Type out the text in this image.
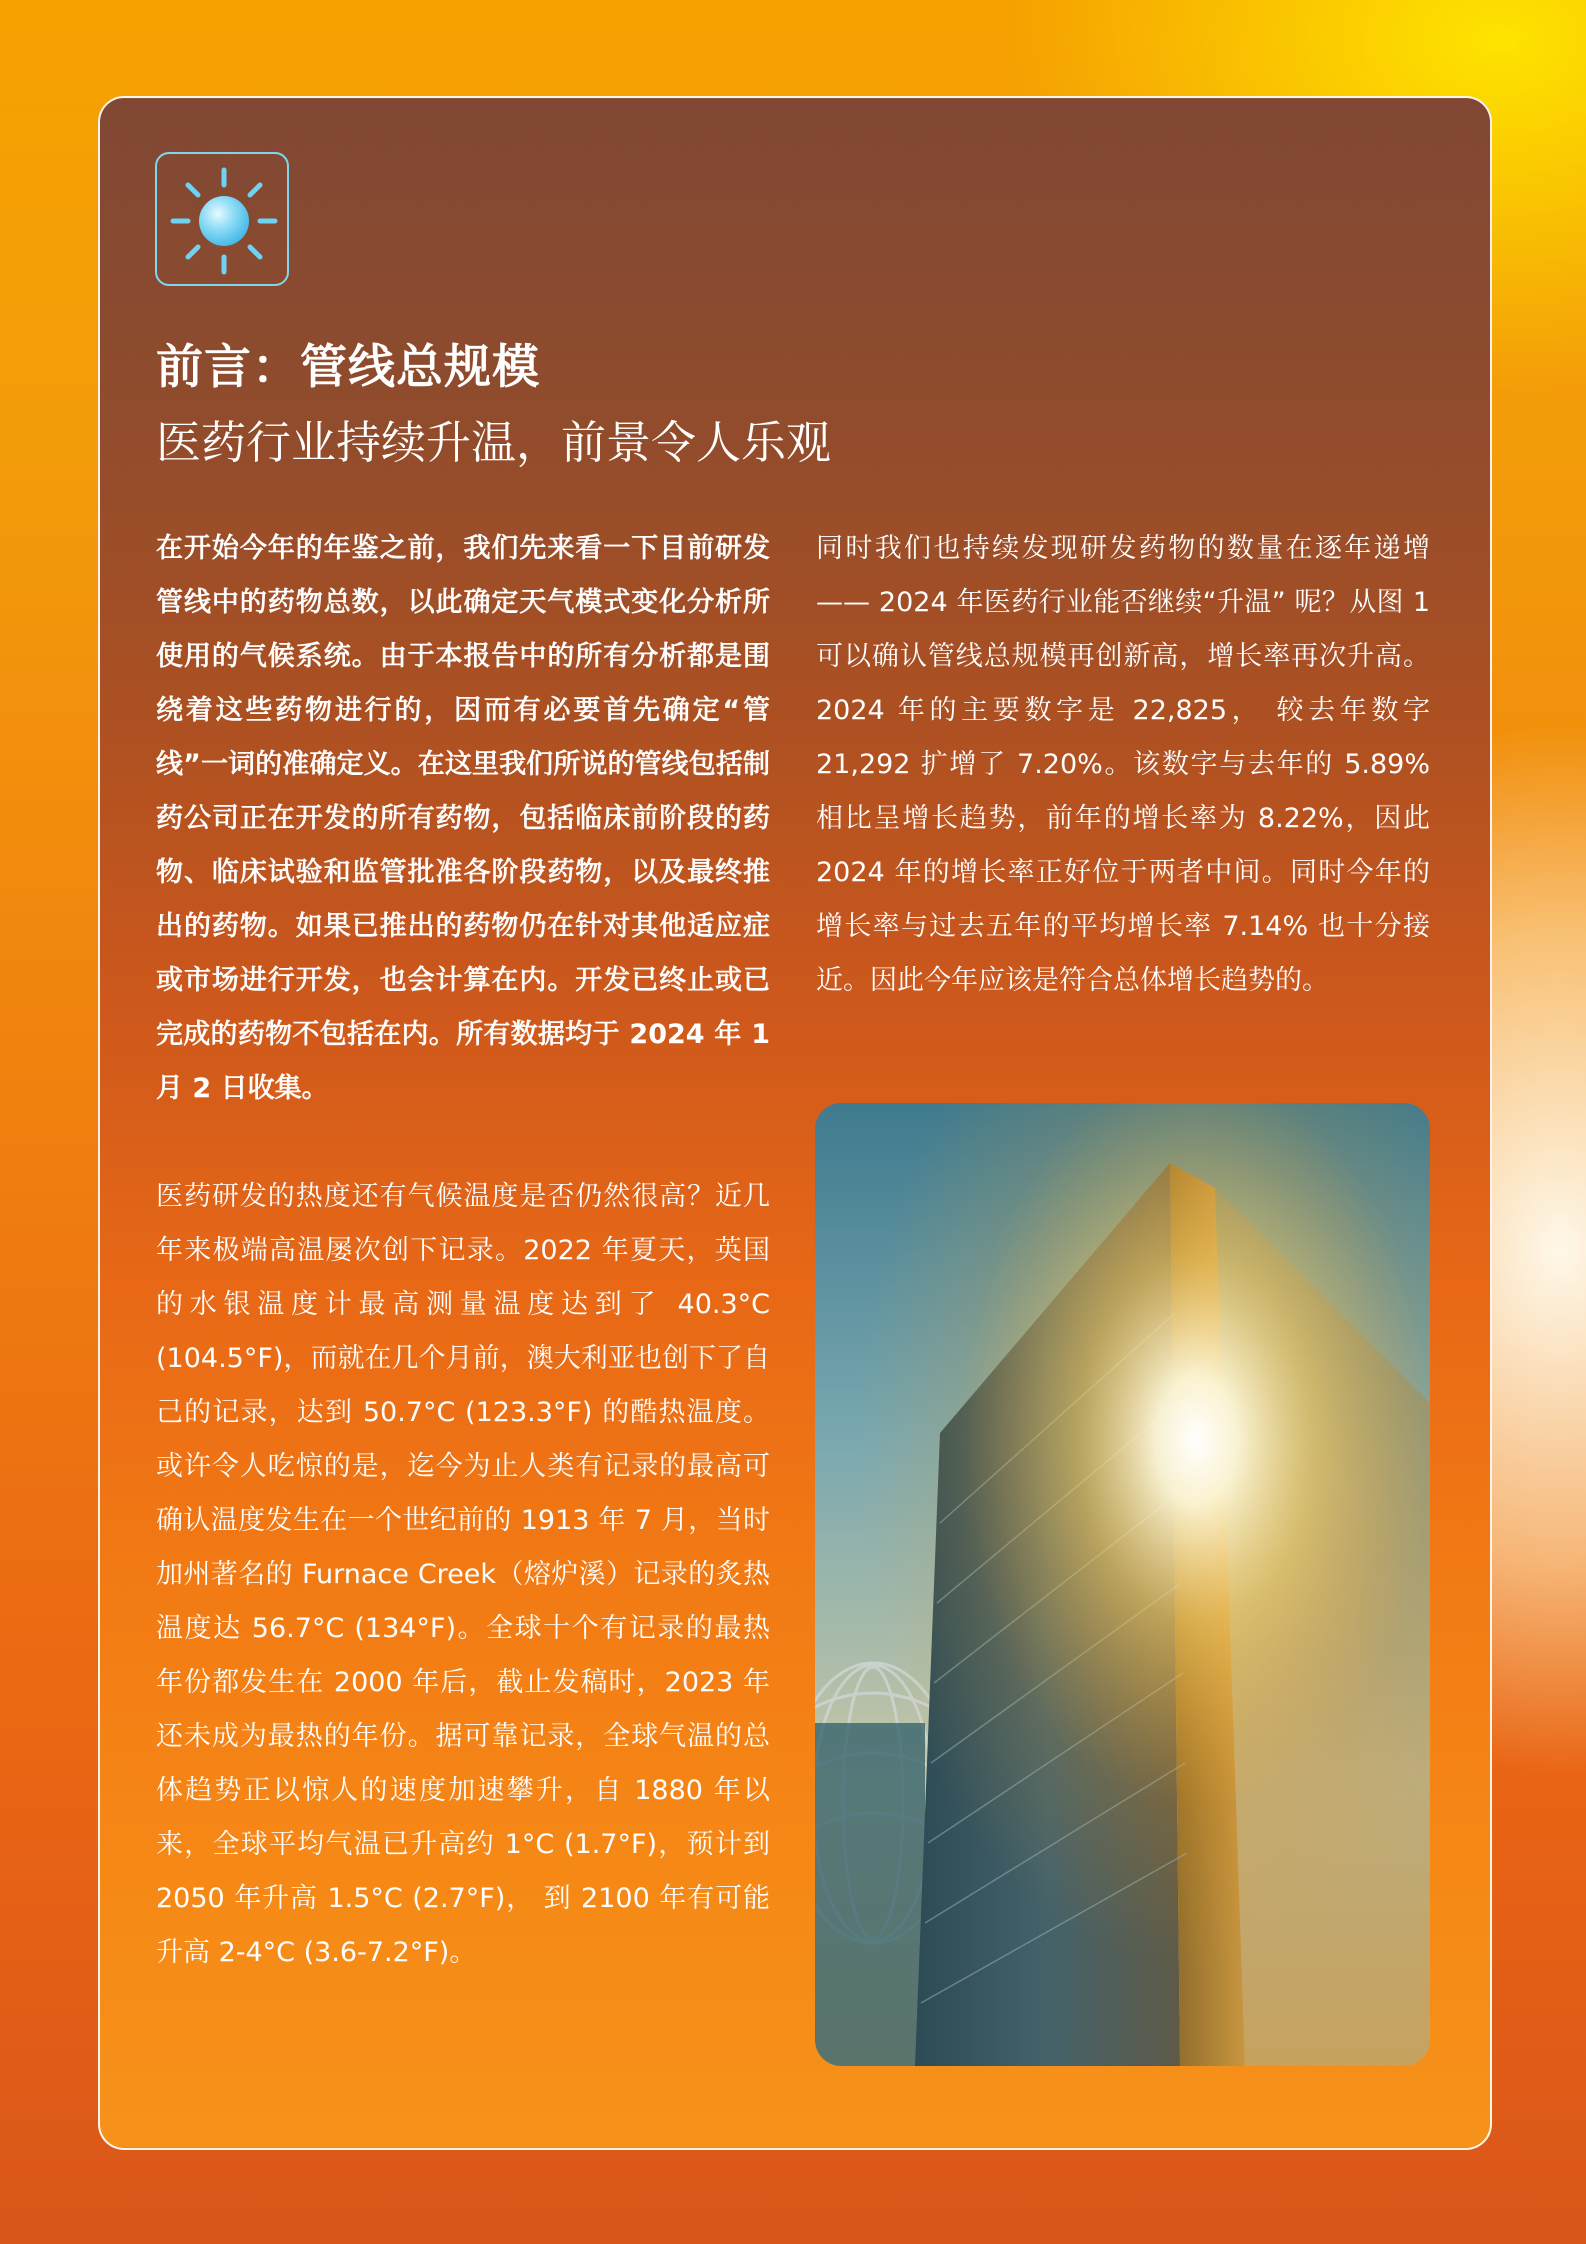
前言：管线总规模
医药行业持续升温，前景令人乐观

在开始今年的年鉴之前，我们先来看一下目前研发管线中的药物总数，以此确定天气模式变化分析所使用的气候系统。由于本报告中的所有分析都是围绕着这些药物进行的，因而有必要首先确定“管线”一词的准确定义。在这里我们所说的管线包括制药公司正在开发的所有药物，包括临床前阶段的药物、临床试验和监管批准各阶段药物，以及最终推出的药物。如果已推出的药物仍在针对其他适应症或市场进行开发，也会计算在内。开发已终止或已完成的药物不包括在内。所有数据均于 2024 年 1 月 2 日收集。

医药研发的热度还有气候温度是否仍然很高？近几年来极端高温屡次创下记录。2022 年夏天，英国的水银温度计最高测量温度达到了 40.3°C (104.5°F)，而就在几个月前，澳大利亚也创下了自己的记录，达到 50.7°C (123.3°F) 的酷热温度。或许令人吃惊的是，迄今为止人类有记录的最高可确认温度发生在一个世纪前的 1913 年 7 月，当时加州著名的 Furnace Creek（熔炉溪）记录的炙热温度达 56.7°C (134°F)。全球十个有记录的最热年份都发生在 2000 年后，截止发稿时，2023 年还未成为最热的年份。据可靠记录，全球气温的总体趋势正以惊人的速度加速攀升，自 1880 年以来，全球平均气温已升高约 1°C (1.7°F)，预计到 2050 年升高 1.5°C (2.7°F)， 到 2100 年有可能升高 2-4°C (3.6-7.2°F)。

同时我们也持续发现研发药物的数量在逐年递增 —— 2024 年医药行业能否继续“升温” 呢？从图 1 可以确认管线总规模再创新高，增长率再次升高。2024 年的主要数字是 22,825， 较去年数字 21,292 扩增了 7.20%。该数字与去年的 5.89% 相比呈增长趋势，前年的增长率为 8.22%，因此 2024 年的增长率正好位于两者中间。同时今年的增长率与过去五年的平均增长率 7.14% 也十分接近。因此今年应该是符合总体增长趋势的。
